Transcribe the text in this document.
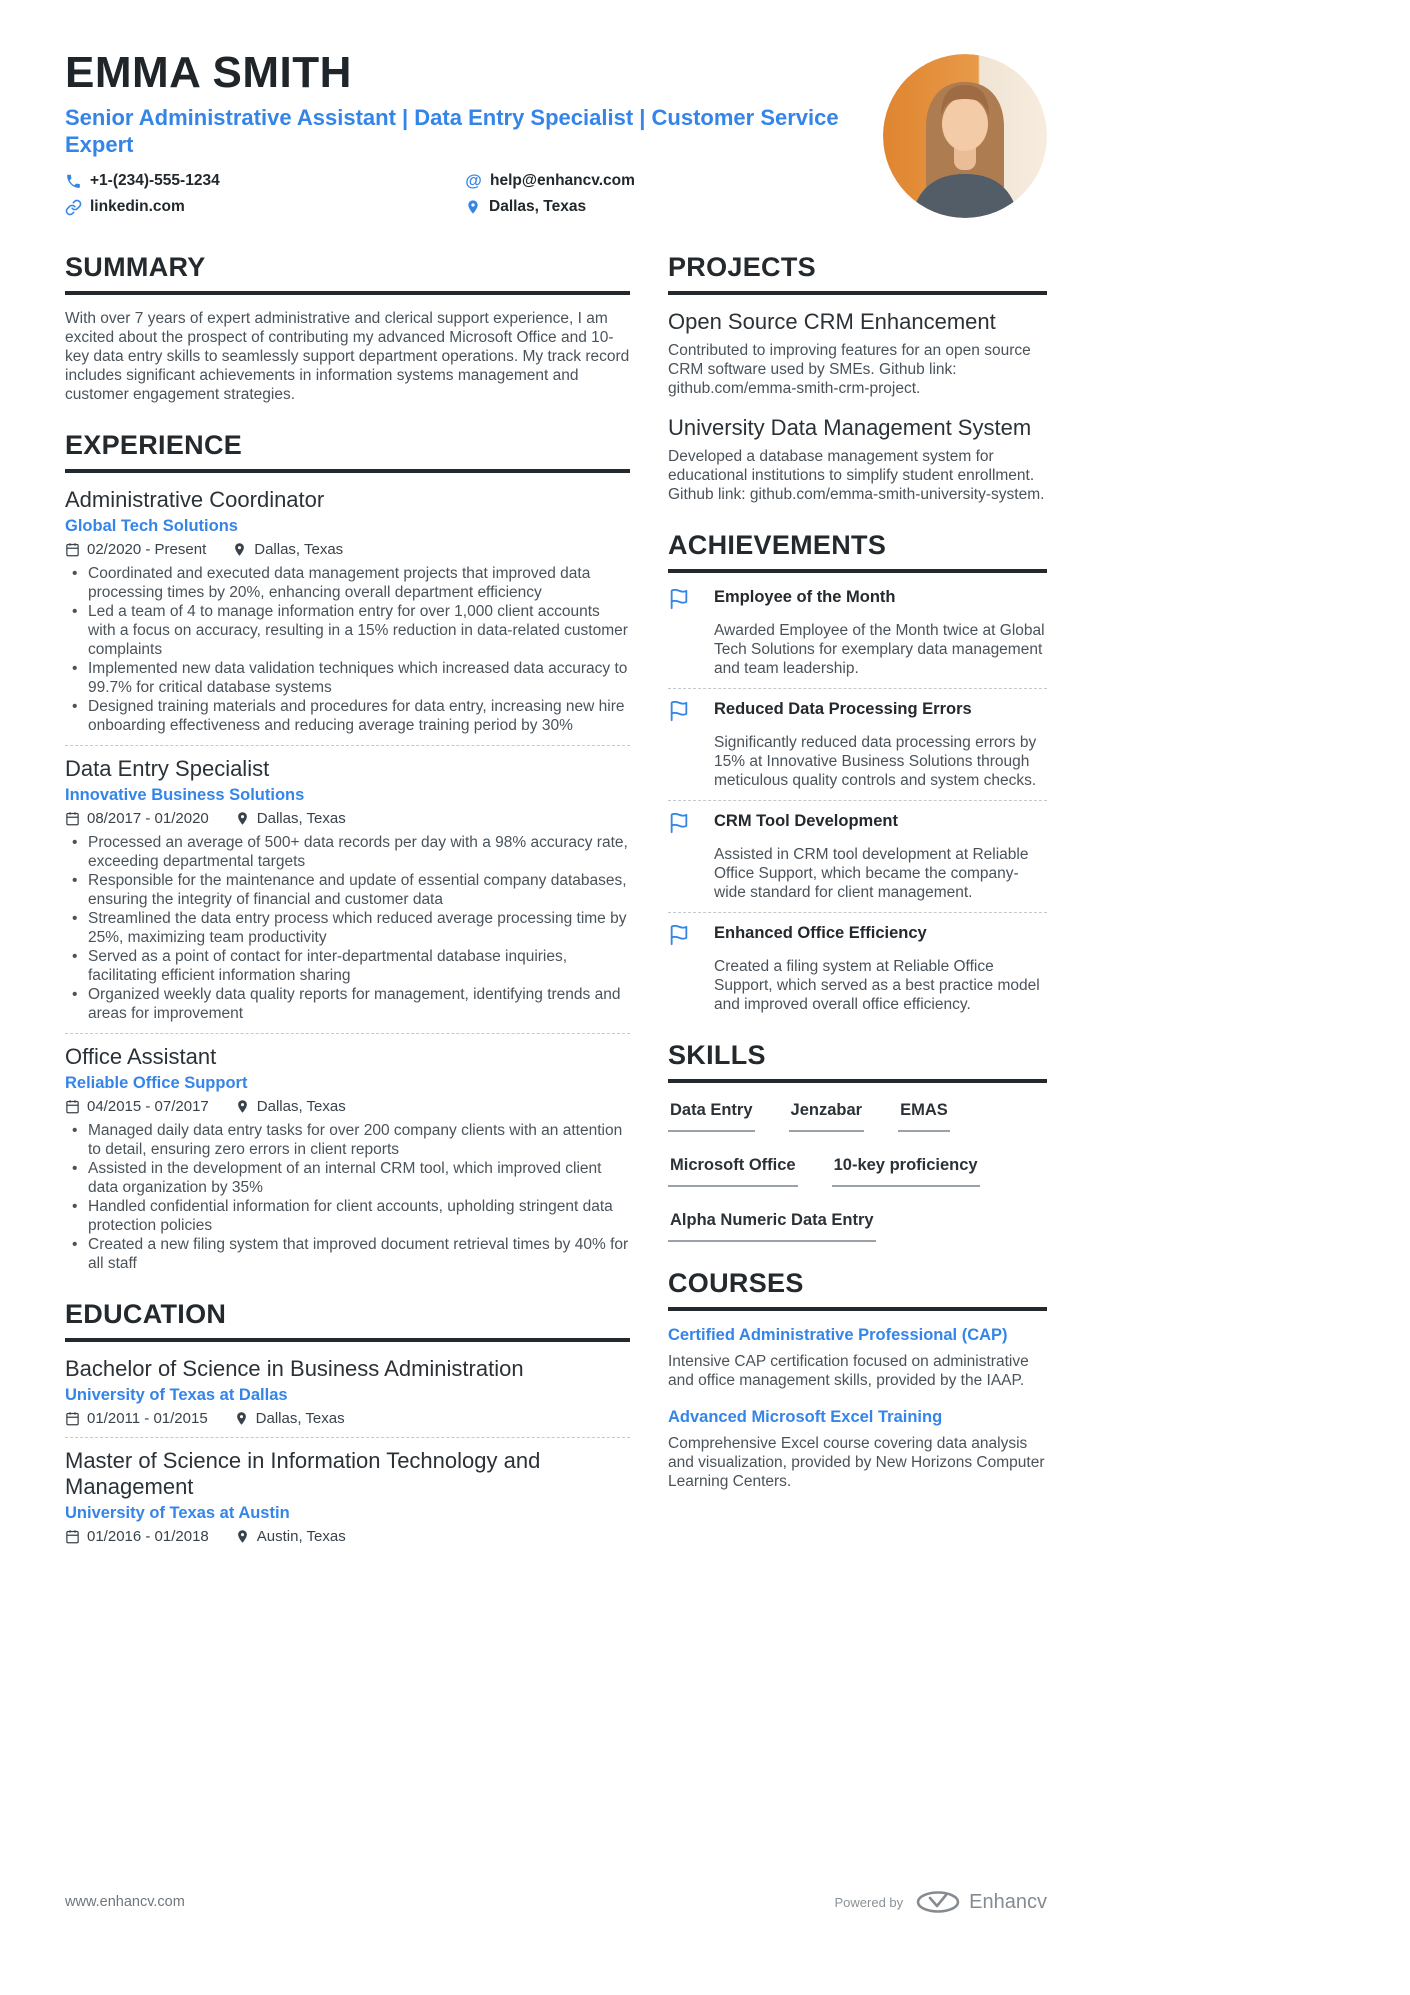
EMMA SMITH
Senior Administrative Assistant | Data Entry Specialist | Customer Service Expert
+1-(234)-555-1234	@ help@enhancv.com
linkedin.com	Dallas, Texas
SUMMARY

With over 7 years of expert administrative and clerical support experience, I am excited about the prospect of contributing my advanced Microsoft Office and 10-key data entry skills to seamlessly support department operations. My track record includes significant achievements in information systems management and customer engagement strategies.

EXPERIENCE
Administrative Coordinator
Global Tech Solutions
02/2020 - Present	Dallas, Texas
• Coordinated and executed data management projects that improved data processing times by 20%, enhancing overall department efficiency
• Led a team of 4 to manage information entry for over 1,000 client accounts with a focus on accuracy, resulting in a 15% reduction in data-related customer complaints
• Implemented new data validation techniques which increased data accuracy to 99.7% for critical database systems
• Designed training materials and procedures for data entry, increasing new hire onboarding effectiveness and reducing average training period by 30%
Data Entry Specialist
Innovative Business Solutions
08/2017 - 01/2020	Dallas, Texas
• Processed an average of 500+ data records per day with a 98% accuracy rate, exceeding departmental targets
• Responsible for the maintenance and update of essential company databases, ensuring the integrity of financial and customer data
• Streamlined the data entry process which reduced average processing time by 25%, maximizing team productivity
• Served as a point of contact for inter-departmental database inquiries, facilitating efficient information sharing
• Organized weekly data quality reports for management, identifying trends and areas for improvement
Office Assistant
Reliable Office Support
04/2015 - 07/2017	Dallas, Texas
• Managed daily data entry tasks for over 200 company clients with an attention to detail, ensuring zero errors in client reports
• Assisted in the development of an internal CRM tool, which improved client data organization by 35%
• Handled confidential information for client accounts, upholding stringent data protection policies
• Created a new filing system that improved document retrieval times by 40% for all staff
EDUCATION
Bachelor of Science in Business Administration
University of Texas at Dallas
01/2011 - 01/2015	Dallas, Texas
Master of Science in Information Technology and Management
University of Texas at Austin
01/2016 - 01/2018	Austin, Texas
PROJECTS
Open Source CRM Enhancement

Contributed to improving features for an open source CRM software used by SMEs. Github link: github.com/emma-smith-crm-project.

University Data Management System

Developed a database management system for educational institutions to simplify student enrollment. Github link: github.com/emma-smith-university-system.

ACHIEVEMENTS
Employee of the Month

Awarded Employee of the Month twice at Global Tech Solutions for exemplary data management and team leadership.

Reduced Data Processing Errors

Significantly reduced data processing errors by 15% at Innovative Business Solutions through meticulous quality controls and system checks.

CRM Tool Development

Assisted in CRM tool development at Reliable Office Support, which became the company-wide standard for client management.

Enhanced Office Efficiency

Created a filing system at Reliable Office Support, which served as a best practice model and improved overall office efficiency.

SKILLS
Data Entry Jenzabar EMAS
Microsoft Office 10-key proficiency
Alpha Numeric Data Entry
COURSES
Certified Administrative Professional (CAP)

Intensive CAP certification focused on administrative and office management skills, provided by the IAAP.

Advanced Microsoft Excel Training

Comprehensive Excel course covering data analysis and visualization, provided by New Horizons Computer Learning Centers.

www.enhancv.com	Powered by	Enhancv
